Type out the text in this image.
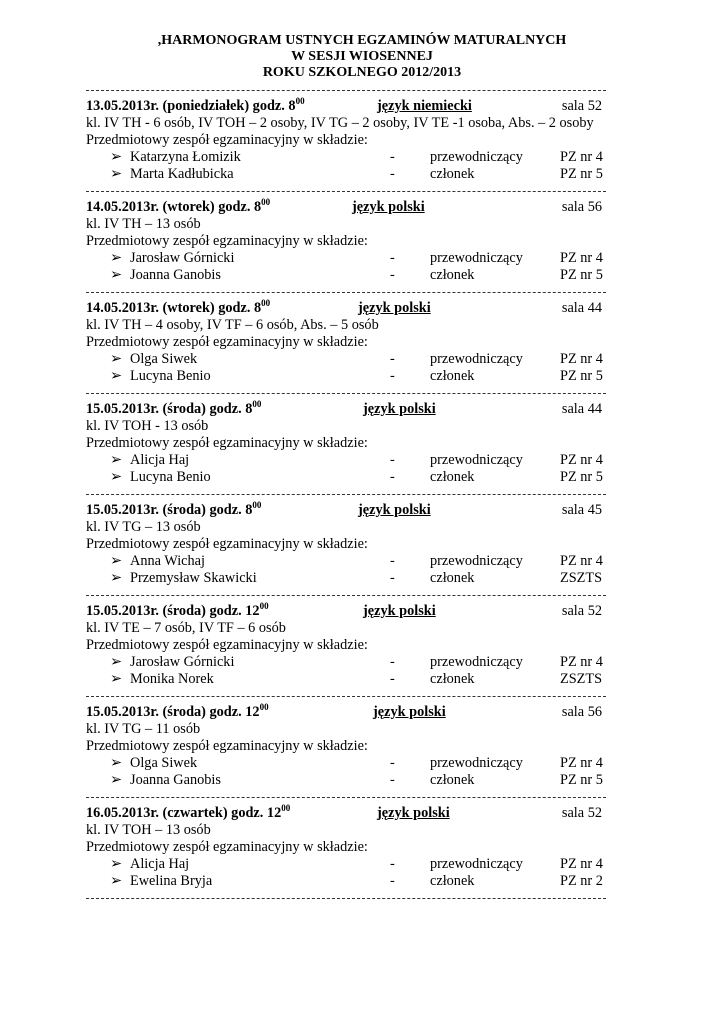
,HARMONOGRAM USTNYCH EGZAMINÓW MATURALNYCH
W SESJI WIOSENNEJ
ROKU SZKOLNEGO 2012/2013
13.05.2013r. (poniedziałek) godz. $8^{00}$	język niemiecki	sala 52
kl. IV TH - 6 osób, IV TOH – 2 osoby, IV TG – 2 osoby, IV TE -1 osoba, Abs. – 2 osoby
Przedmiotowy zespół egzaminacyjny w składzie:
➢ Katarzyna Łomizik	- przewodniczący	PZ nr 4
➢ Marta Kadłubicka	- członek	PZ nr 5
14.05.2013r. (wtorek) godz. $8^{00}$	język polski	sala 56
kl. IV TH – 13 osób
Przedmiotowy zespół egzaminacyjny w składzie:
➢ Jarosław Górnicki	- przewodniczący	PZ nr 4
➢ Joanna Ganobis	- członek	PZ nr 5
14.05.2013r. (wtorek) godz. $8^{00}$	język polski	sala 44
kl. IV TH – 4 osoby, IV TF – 6 osób, Abs. – 5 osób
Przedmiotowy zespół egzaminacyjny w składzie:
➢ Olga Siwek	- przewodniczący	PZ nr 4
➢ Lucyna Benio	- członek	PZ nr 5
15.05.2013r. (środa) godz. $8^{00}$	język polski	sala 44
kl. IV TOH - 13 osób
Przedmiotowy zespół egzaminacyjny w składzie:
➢ Alicja Haj	- przewodniczący	PZ nr 4
➢ Lucyna Benio	- członek	PZ nr 5
15.05.2013r. (środa) godz. $8^{00}$	język polski	sala 45
kl. IV TG – 13 osób
Przedmiotowy zespół egzaminacyjny w składzie:
➢ Anna Wichaj	- przewodniczący	PZ nr 4
➢ Przemysław Skawicki	- członek	ZSZTS
15.05.2013r. (środa) godz. $12^{00}$	język polski	sala 52
kl. IV TE – 7 osób, IV TF – 6 osób
Przedmiotowy zespół egzaminacyjny w składzie:
➢ Jarosław Górnicki	- przewodniczący	PZ nr 4
➢ Monika Norek	- członek	ZSZTS
15.05.2013r. (środa) godz. $12^{00}$	język polski	sala 56
kl. IV TG – 11 osób
Przedmiotowy zespół egzaminacyjny w składzie:
➢ Olga Siwek	- przewodniczący	PZ nr 4
➢ Joanna Ganobis	- członek	PZ nr 5
16.05.2013r. (czwartek) godz. $12^{00}$	język polski	sala 52
kl. IV TOH – 13 osób
Przedmiotowy zespół egzaminacyjny w składzie:
➢ Alicja Haj	- przewodniczący	PZ nr 4
➢ Ewelina Bryja	- członek	PZ nr 2
